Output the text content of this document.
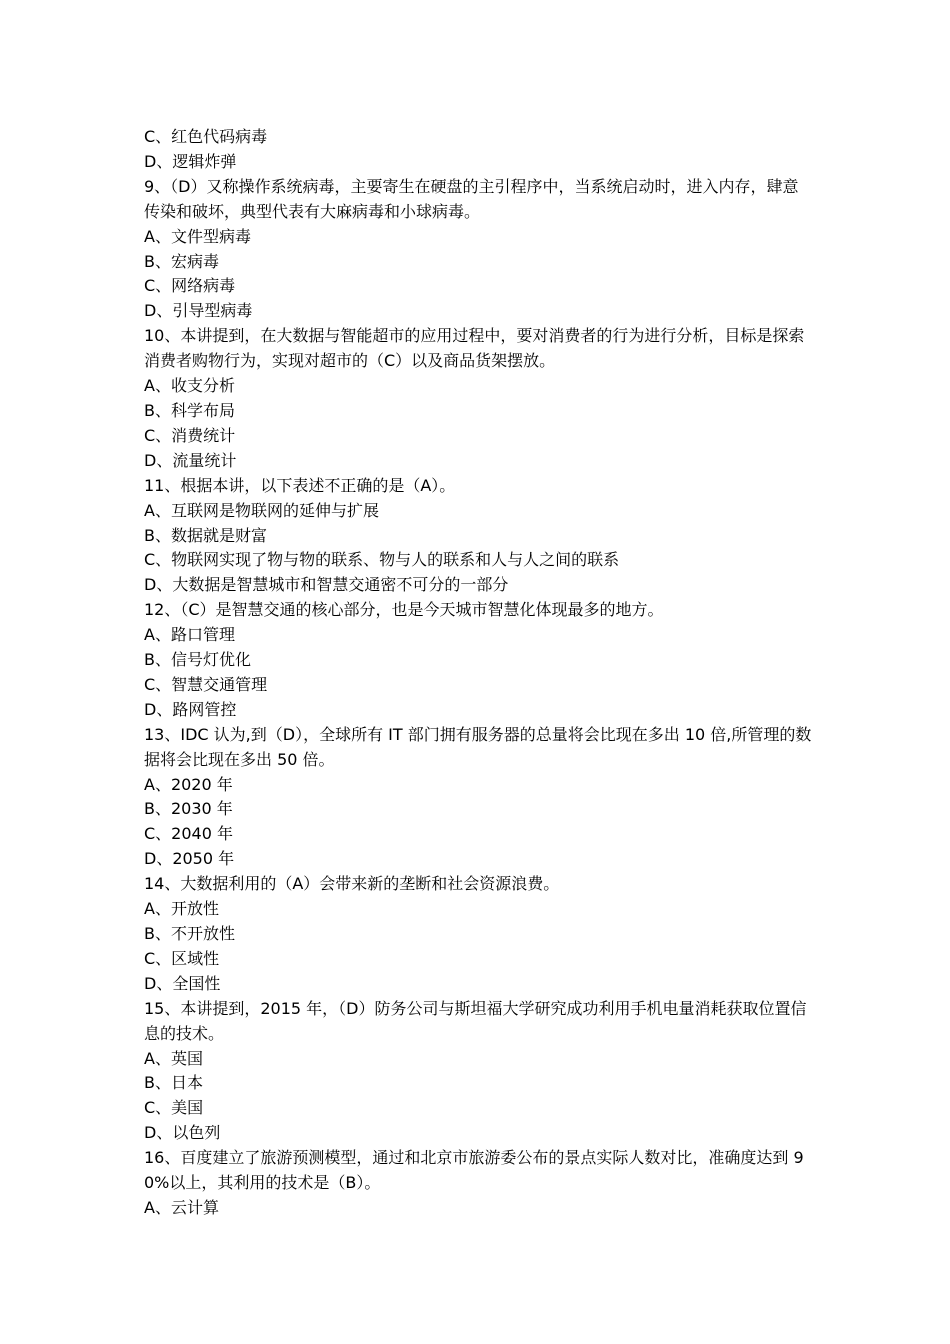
C、红色代码病毒
D、逻辑炸弹
9、（D）又称操作系统病毒，主要寄生在硬盘的主引程序中，当系统启动时，进入内存，肆意传染和破坏，典型代表有大麻病毒和小球病毒。
A、文件型病毒
B、宏病毒
C、网络病毒
D、引导型病毒
10、本讲提到，在大数据与智能超市的应用过程中，要对消费者的行为进行分析，目标是探索消费者购物行为，实现对超市的（C）以及商品货架摆放。
A、收支分析
B、科学布局
C、消费统计
D、流量统计
11、根据本讲，以下表述不正确的是（A）。
A、互联网是物联网的延伸与扩展
B、数据就是财富
C、物联网实现了物与物的联系、物与人的联系和人与人之间的联系
D、大数据是智慧城市和智慧交通密不可分的一部分
12、（C）是智慧交通的核心部分，也是今天城市智慧化体现最多的地方。
A、路口管理
B、信号灯优化
C、智慧交通管理
D、路网管控
13、IDC 认为,到（D），全球所有 IT 部门拥有服务器的总量将会比现在多出 10 倍,所管理的数据将会比现在多出 50 倍。
A、2020 年
B、2030 年
C、2040 年
D、2050 年
14、大数据利用的（A）会带来新的垄断和社会资源浪费。
A、开放性
B、不开放性
C、区域性
D、全国性
15、本讲提到，2015 年，（D）防务公司与斯坦福大学研究成功利用手机电量消耗获取位置信息的技术。
A、英国
B、日本
C、美国
D、以色列
16、百度建立了旅游预测模型，通过和北京市旅游委公布的景点实际人数对比，准确度达到 90%以上，其利用的技术是（B）。
A、云计算
